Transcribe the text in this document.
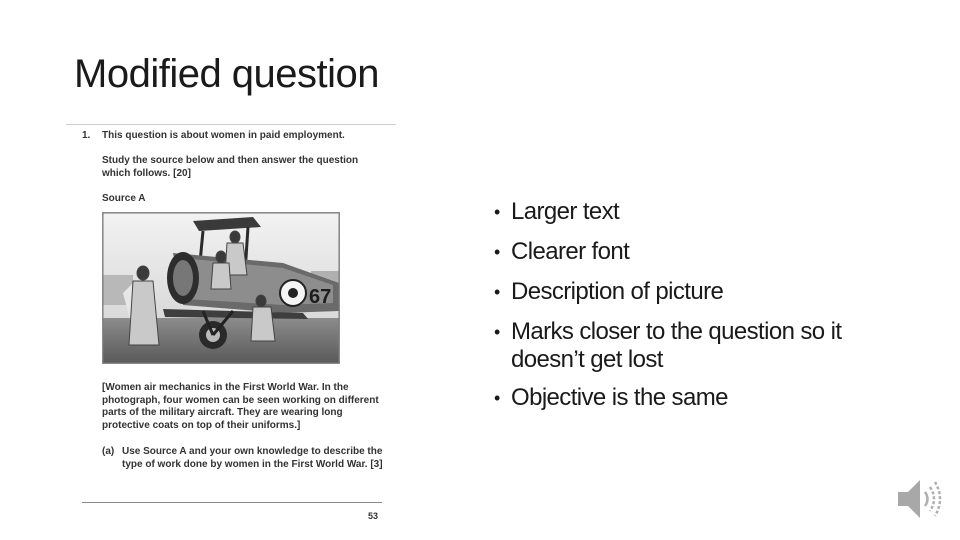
Modified question
1. This question is about women in paid employment.
Study the source below and then answer the question which follows. [20]
Source A
67
[Women air mechanics in the First World War. In the photograph, four women can be seen working on different parts of the military aircraft. They are wearing long protective coats on top of their uniforms.]
(a) Use Source A and your own knowledge to describe the type of work done by women in the First World War. [3]
53
• Larger text
• Clearer font
• Description of picture
• Marks closer to the question so it doesn’t get lost
• Objective is the same
